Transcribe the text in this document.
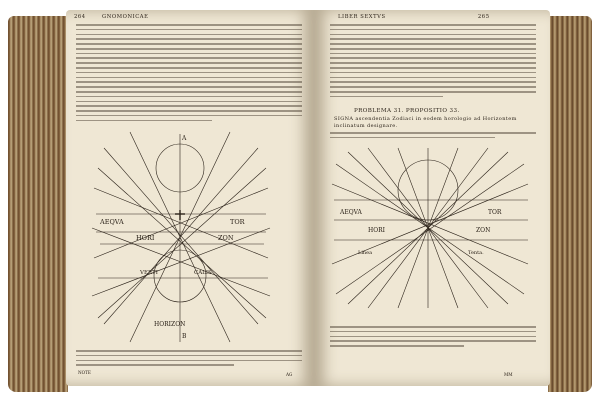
264	GNOMONICAE
A
AEQVA	TOR
HORI	ZON
VERTI	CALIS
HORIZON
B
NOTE	AG
LIBER SEXTVS	265
PROBLEMA 31. PROPOSITIO 33.
SIGNA ascendentia Zodiaci in eodem horologio ad Horizontem
inclinatum designare.
AEQVA	TOR
HORI	ZON
Linea	Tenta.
MM
